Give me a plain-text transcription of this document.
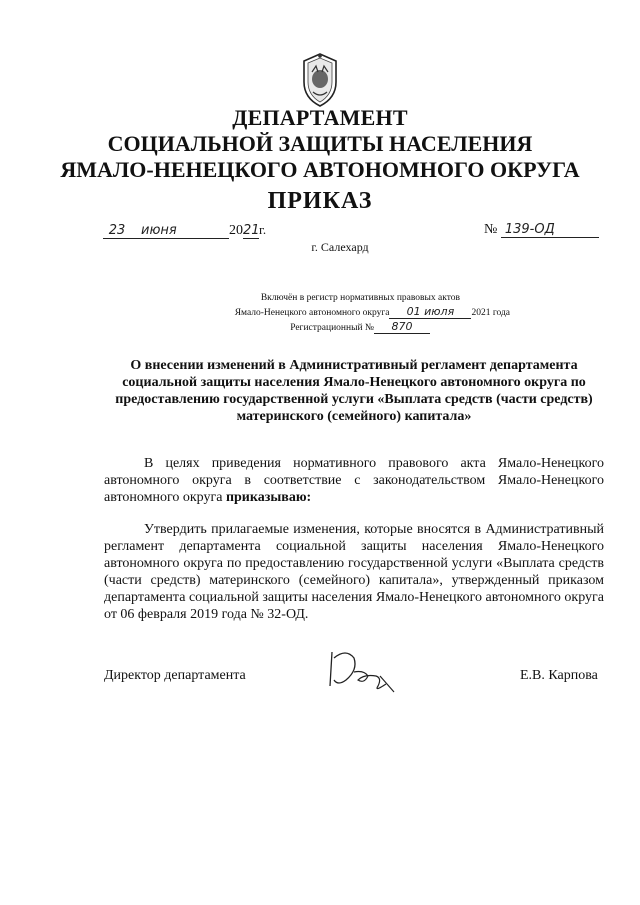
ДЕПАРТАМЕНТ
СОЦИАЛЬНОЙ ЗАЩИТЫ НАСЕЛЕНИЯ
ЯМАЛО-НЕНЕЦКОГО АВТОНОМНОГО ОКРУГА
ПРИКАЗ
23 июня	2021г.	№ 139-ОД
г. Салехард
Включён в регистр нормативных правовых актов
Ямало-Ненецкого автономного округа 01 июля 2021 года
Регистрационный № 870
О внесении изменений в Административный регламент департамента социальной защиты населения Ямало-Ненецкого автономного округа по предоставлению государственной услуги «Выплата средств (части средств) материнского (семейного) капитала»
В целях приведения нормативного правового акта Ямало-Ненецкого автономного округа в соответствие с законодательством Ямало-Ненецкого автономного округа приказываю:
Утвердить прилагаемые изменения, которые вносятся в Административный регламент департамента социальной защиты населения Ямало-Ненецкого автономного округа по предоставлению государственной услуги «Выплата средств (части средств) материнского (семейного) капитала», утвержденный приказом департамента социальной защиты населения Ямало-Ненецкого автономного округа от 06 февраля 2019 года № 32-ОД.
Директор департамента	Е.В. Карпова
